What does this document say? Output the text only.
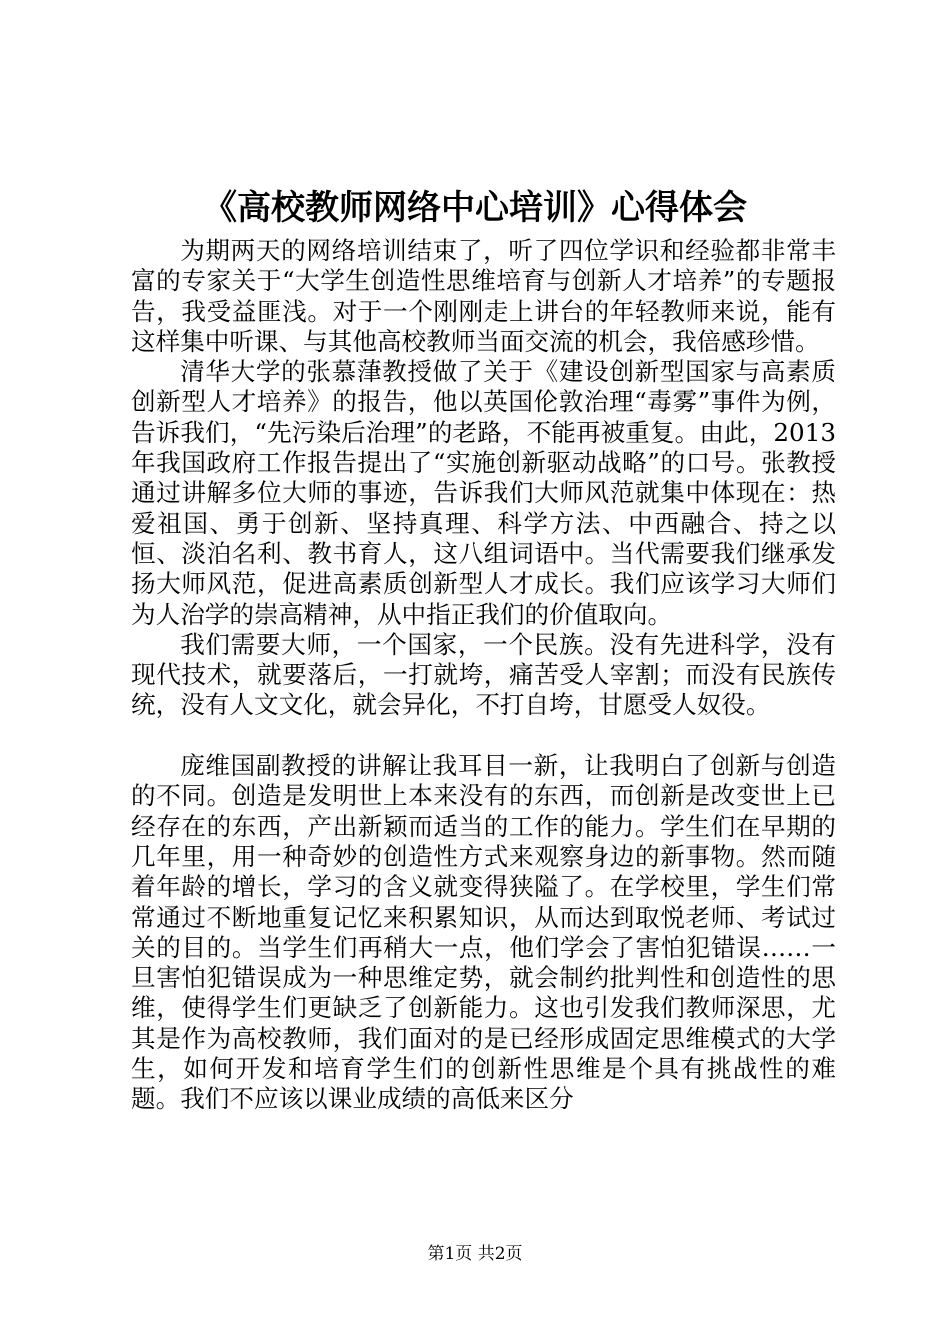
《高校教师网络中心培训》心得体会

为期两天的网络培训结束了，听了四位学识和经验都非常丰富的专家关于“大学生创造性思维培育与创新人才培养”的专题报告，我受益匪浅。对于一个刚刚走上讲台的年轻教师来说，能有这样集中听课、与其他高校教师当面交流的机会，我倍感珍惜。

清华大学的张慕葏教授做了关于《建设创新型国家与高素质创新型人才培养》的报告，他以英国伦敦治理“毒雾”事件为例，告诉我们，“先污染后治理”的老路，不能再被重复。由此，2013年我国政府工作报告提出了“实施创新驱动战略”的口号。张教授通过讲解多位大师的事迹，告诉我们大师风范就集中体现在：热爱祖国、勇于创新、坚持真理、科学方法、中西融合、持之以恒、淡泊名利、教书育人，这八组词语中。当代需要我们继承发扬大师风范，促进高素质创新型人才成长。我们应该学习大师们为人治学的崇高精神，从中指正我们的价值取向。

我们需要大师，一个国家，一个民族。没有先进科学，没有现代技术，就要落后，一打就垮，痛苦受人宰割；而没有民族传统，没有人文文化，就会异化，不打自垮，甘愿受人奴役。

庞维国副教授的讲解让我耳目一新，让我明白了创新与创造的不同。创造是发明世上本来没有的东西，而创新是改变世上已经存在的东西，产出新颖而适当的工作的能力。学生们在早期的几年里，用一种奇妙的创造性方式来观察身边的新事物。然而随着年龄的增长，学习的含义就变得狭隘了。在学校里，学生们常常通过不断地重复记忆来积累知识，从而达到取悦老师、考试过关的目的。当学生们再稍大一点，他们学会了害怕犯错误……一旦害怕犯错误成为一种思维定势，就会制约批判性和创造性的思维，使得学生们更缺乏了创新能力。这也引发我们教师深思，尤其是作为高校教师，我们面对的是已经形成固定思维模式的大学生，如何开发和培育学生们的创新性思维是个具有挑战性的难题。我们不应该以课业成绩的高低来区分

第1页 共2页
